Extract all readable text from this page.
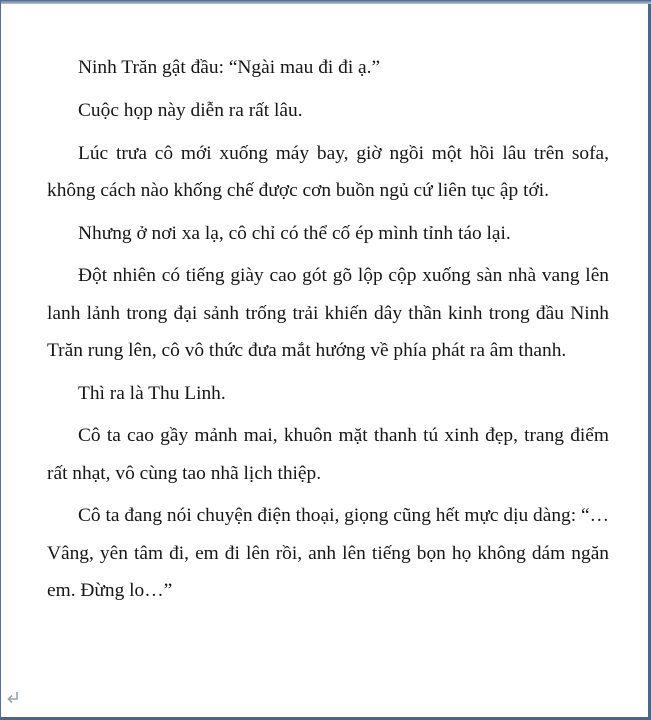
Ninh Trăn gật đầu: “Ngài mau đi đi ạ.”

Cuộc họp này diễn ra rất lâu.

Lúc trưa cô mới xuống máy bay, giờ ngồi một hồi lâu trên sofa, không cách nào khống chế được cơn buồn ngủ cứ liên tục ập tới.

Nhưng ở nơi xa lạ, cô chỉ có thể cố ép mình tỉnh táo lại.

Đột nhiên có tiếng giày cao gót gõ lộp cộp xuống sàn nhà vang lên lanh lảnh trong đại sảnh trống trải khiến dây thần kinh trong đầu Ninh Trăn rung lên, cô vô thức đưa mắt hướng về phía phát ra âm thanh.

Thì ra là Thu Linh.

Cô ta cao gầy mảnh mai, khuôn mặt thanh tú xinh đẹp, trang điểm rất nhạt, vô cùng tao nhã lịch thiệp.

Cô ta đang nói chuyện điện thoại, giọng cũng hết mực dịu dàng: “… Vâng, yên tâm đi, em đi lên rồi, anh lên tiếng bọn họ không dám ngăn em. Đừng lo…”
